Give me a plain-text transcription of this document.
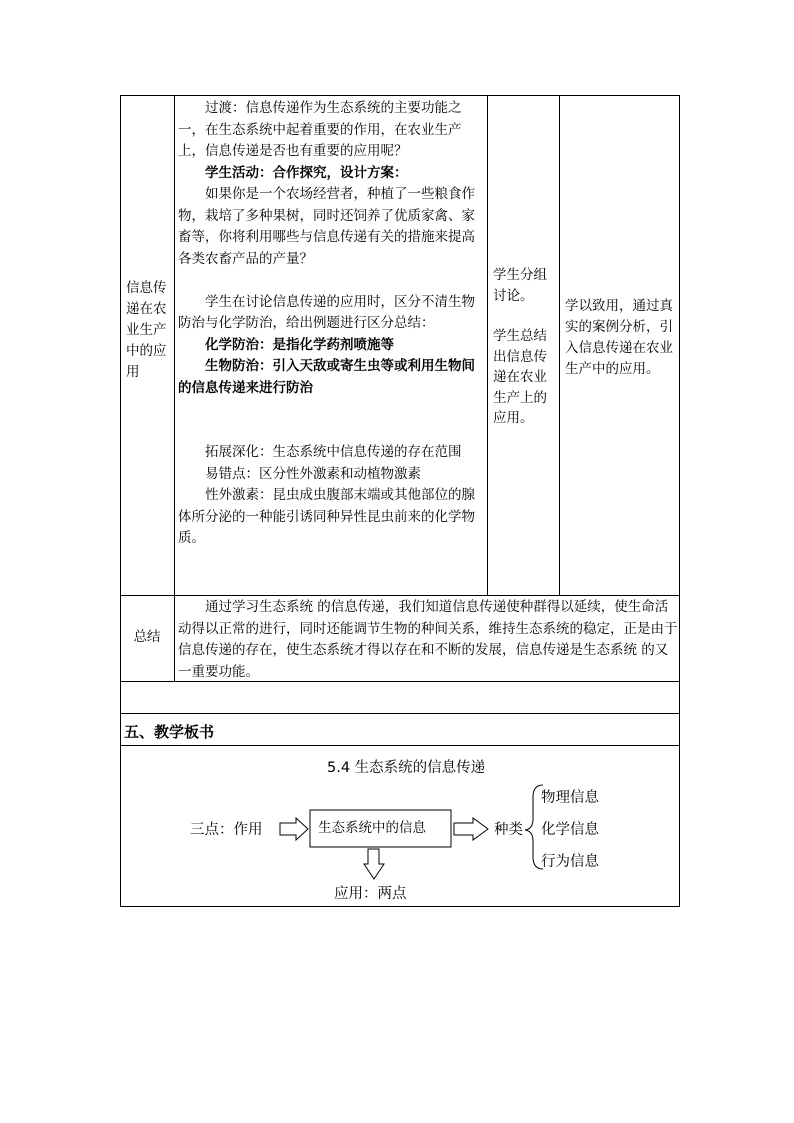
信息传递在农业生产中的应用

过渡：信息传递作为生态系统的主要功能之一，在生态系统中起着重要的作用，在农业生产上，信息传递是否也有重要的应用呢？

学生活动：合作探究，设计方案：

如果你是一个农场经营者，种植了一些粮食作物，栽培了多种果树，同时还饲养了优质家禽、家畜等，你将利用哪些与信息传递有关的措施来提高各类农畜产品的产量？

学生在讨论信息传递的应用时，区分不清生物防治与化学防治，给出例题进行区分总结：

化学防治：是指化学药剂喷施等

生物防治：引入天敌或寄生虫等或利用生物间的信息传递来进行防治

拓展深化：生态系统中信息传递的存在范围

易错点：区分性外激素和动植物激素

性外激素：昆虫成虫腹部末端或其他部位的腺体所分泌的一种能引诱同种异性昆虫前来的化学物质。

学生分组讨论。
学生总结出信息传递在农业生产上的应用。
学以致用，通过真实的案例分析，引入信息传递在农业生产中的应用。
总结

通过学习生态系统 的信息传递，我们知道信息传递使种群得以延续，使生命活动得以正常的进行，同时还能调节生物的种间关系，维持生态系统的稳定，正是由于信息传递的存在，使生态系统才得以存在和不断的发展，信息传递是生态系统 的又一重要功能。

五、教学板书
5.4 生态系统的信息传递
生态系统中的信息
三点：作用
应用：两点
种类
物理信息
化学信息
行为信息
